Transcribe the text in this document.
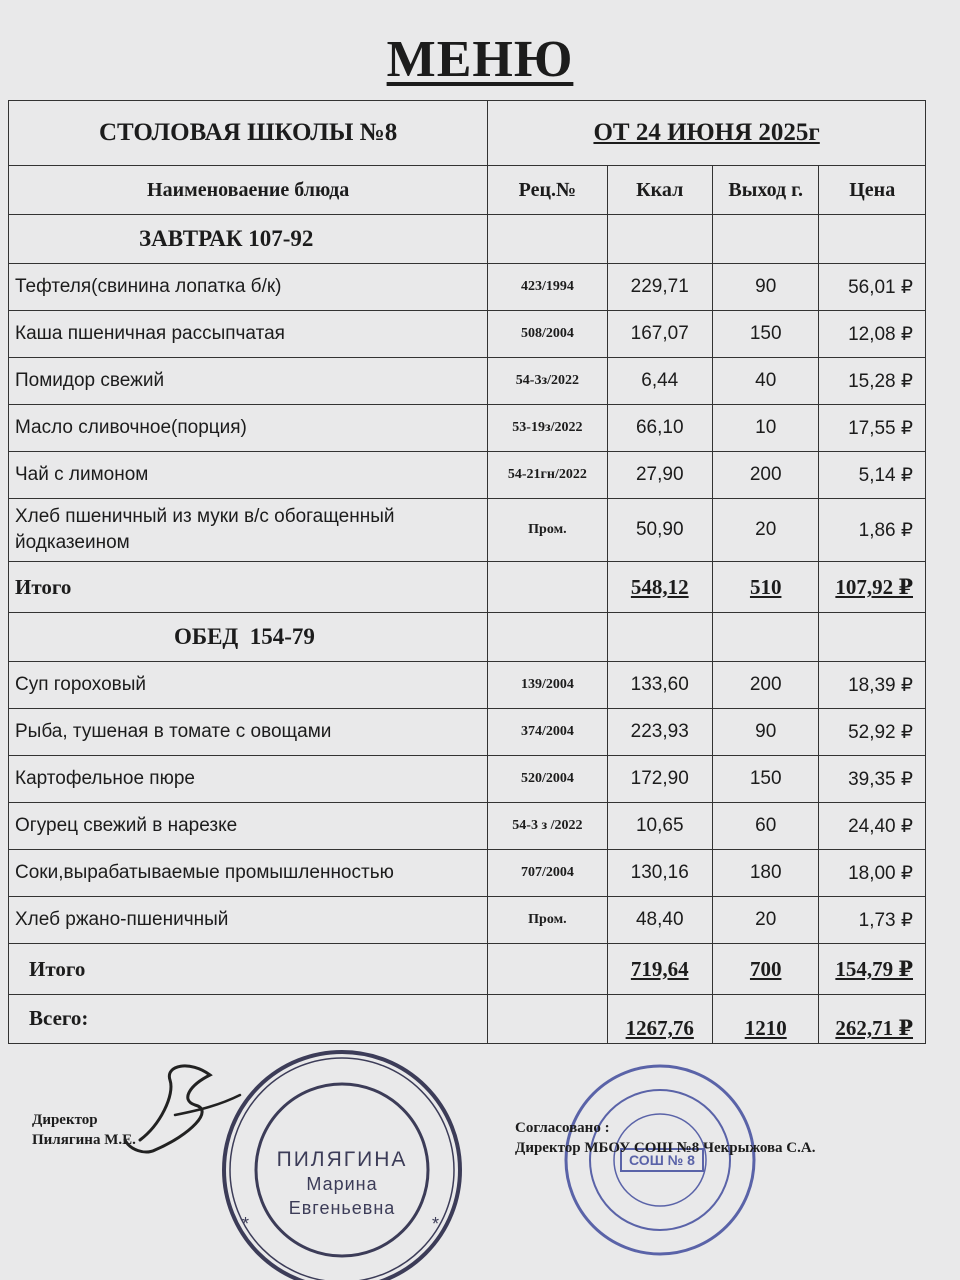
МЕНЮ
СТОЛОВАЯ ШКОЛЫ №8	ОТ 24 ИЮНЯ 2025г			
Наименоваение блюда	Рец.№	Ккал	Выход г.	Цена
ЗАВТРАК 107-92				
Тефтеля(свинина лопатка б/к)	423/1994	229,71	90	56,01 ₽
Каша пшеничная рассыпчатая	508/2004	167,07	150	12,08 ₽
Помидор свежий	54-3з/2022	6,44	40	15,28 ₽
Масло сливочное(порция)	53-19з/2022	66,10	10	17,55 ₽
Чай с лимоном	54-21гн/2022	27,90	200	5,14 ₽
Хлеб пшеничный из муки в/с обогащенный йодказеином	Пром.	50,90	20	1,86 ₽
Итого		548,12	510	107,92 ₽
ОБЕД  154-79				
Суп гороховый	139/2004	133,60	200	18,39 ₽
Рыба, тушеная в томате с овощами	374/2004	223,93	90	52,92 ₽
Картофельное пюре	520/2004	172,90	150	39,35 ₽
Огурец свежий в нарезке	54-3 з /2022	10,65	60	24,40 ₽
Соки,вырабатываемые промышленностью	707/2004	130,16	180	18,00 ₽
Хлеб ржано-пшеничный	Пром.	48,40	20	1,73 ₽
Итого		719,64	700	154,79 ₽
Всего:		1267,76	1210	262,71 ₽
Директор
Пилягина М.Е.
*	*
ПИЛЯГИНА
Марина
Евгеньевна
СОШ № 8
Согласовано :
Директор МБОУ СОШ №8 Чекрыжова С.А.
